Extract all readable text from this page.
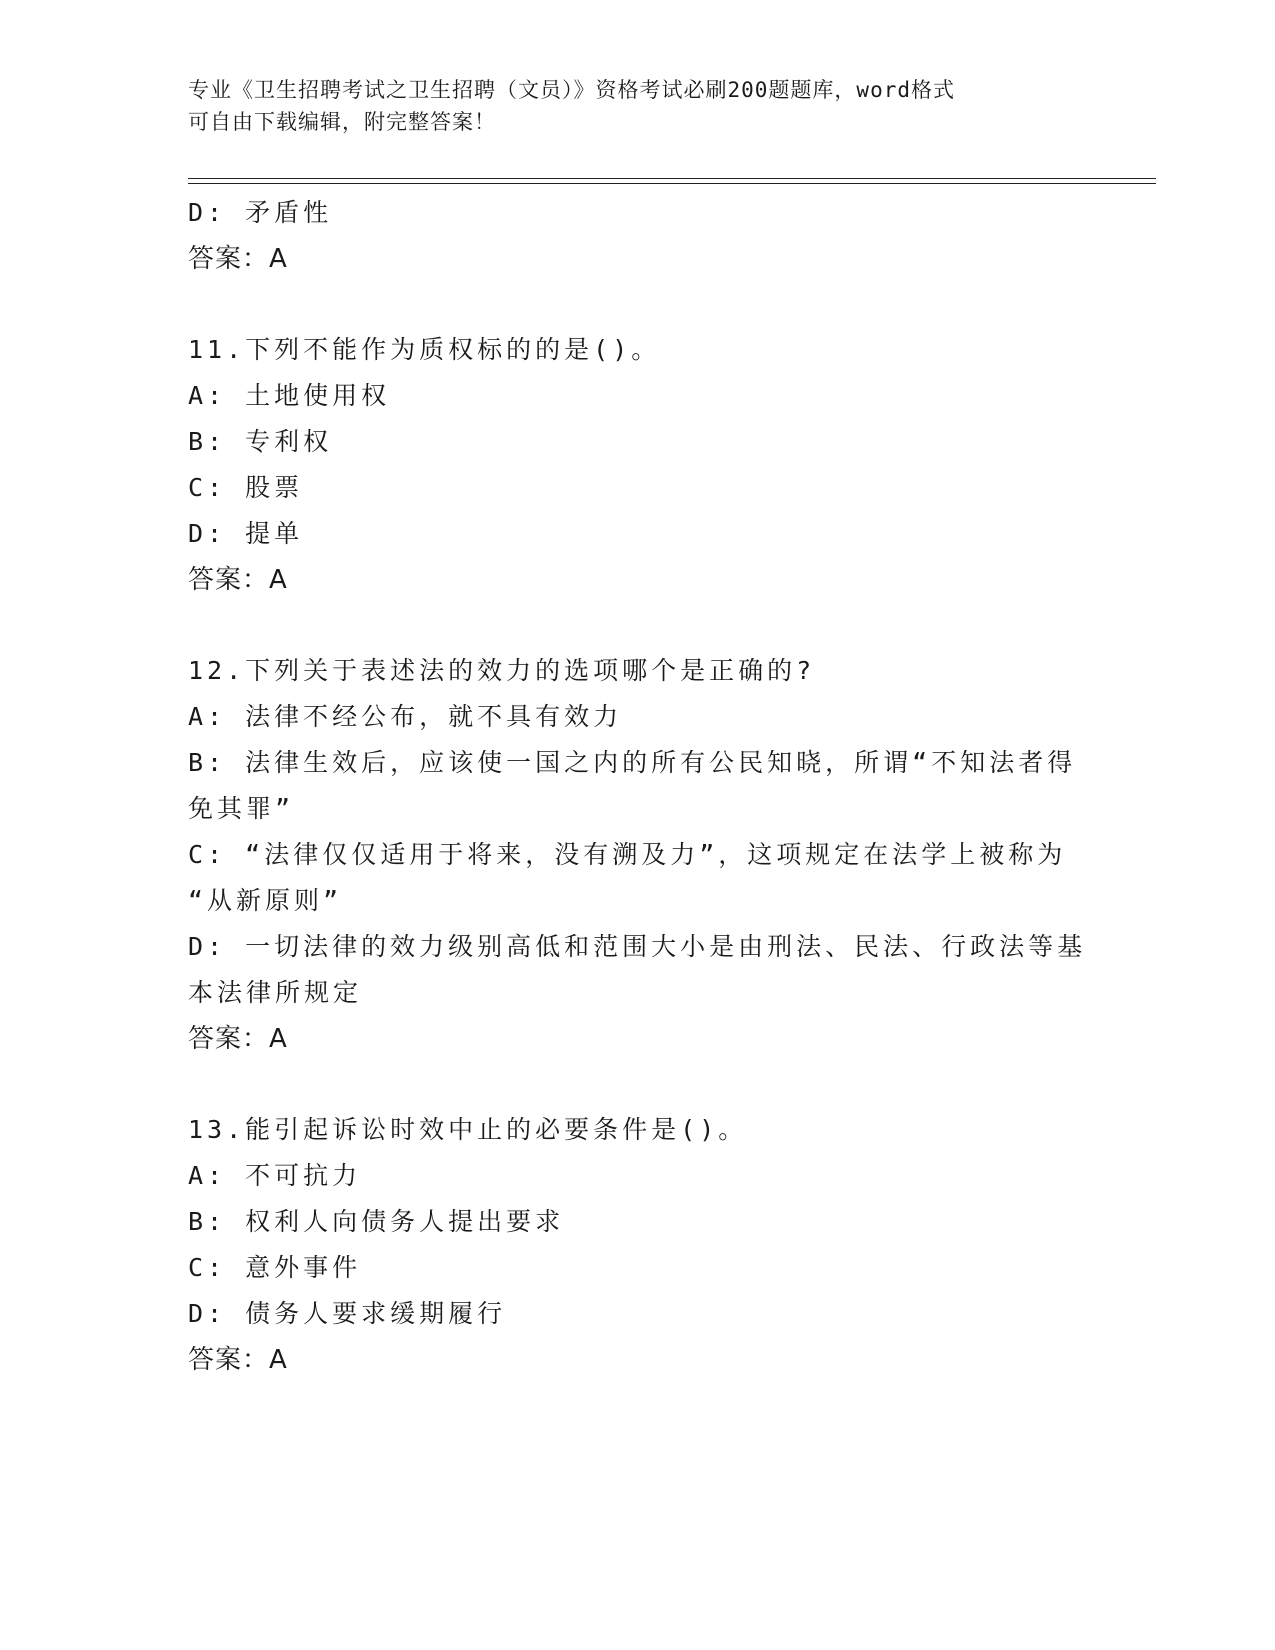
专业《卫生招聘考试之卫生招聘（文员）》资格考试必刷200题题库，word格式

可自由下载编辑，附完整答案！

D: 矛盾性
答案：A
11.下列不能作为质权标的的是()。
A: 土地使用权
B: 专利权
C: 股票
D: 提单
答案：A
12.下列关于表述法的效力的选项哪个是正确的?
A: 法律不经公布，就不具有效力
B: 法律生效后，应该使一国之内的所有公民知晓，所谓“不知法者得
免其罪”
C: “法律仅仅适用于将来，没有溯及力”，这项规定在法学上被称为
“从新原则”
D: 一切法律的效力级别高低和范围大小是由刑法、民法、行政法等基
本法律所规定
答案：A
13.能引起诉讼时效中止的必要条件是()。
A: 不可抗力
B: 权利人向债务人提出要求
C: 意外事件
D: 债务人要求缓期履行
答案：A
